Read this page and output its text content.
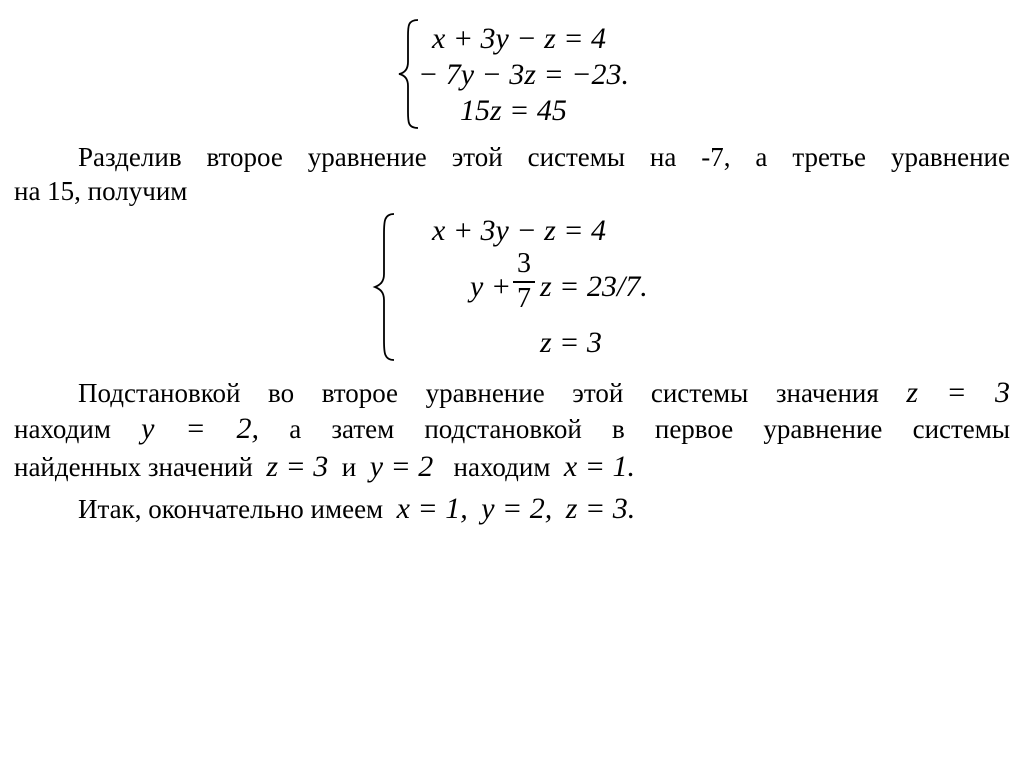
x + 3y − z = 4
− 7y − 3z = −23.
15z = 45
Разделив второе уравнение этой системы на -7, а третье уравнение
на 15, получим
x + 3y − z = 4
y +
3
7 z = 23/7.
z = 3
Подстановкой во второе уравнение этой системы значения z = 3
находим y = 2, а затем подстановкой в первое уравнение системы
найденных значений z = 3 и y = 2 находим x = 1.
Итак, окончательно имеем x = 1, y = 2, z = 3.
